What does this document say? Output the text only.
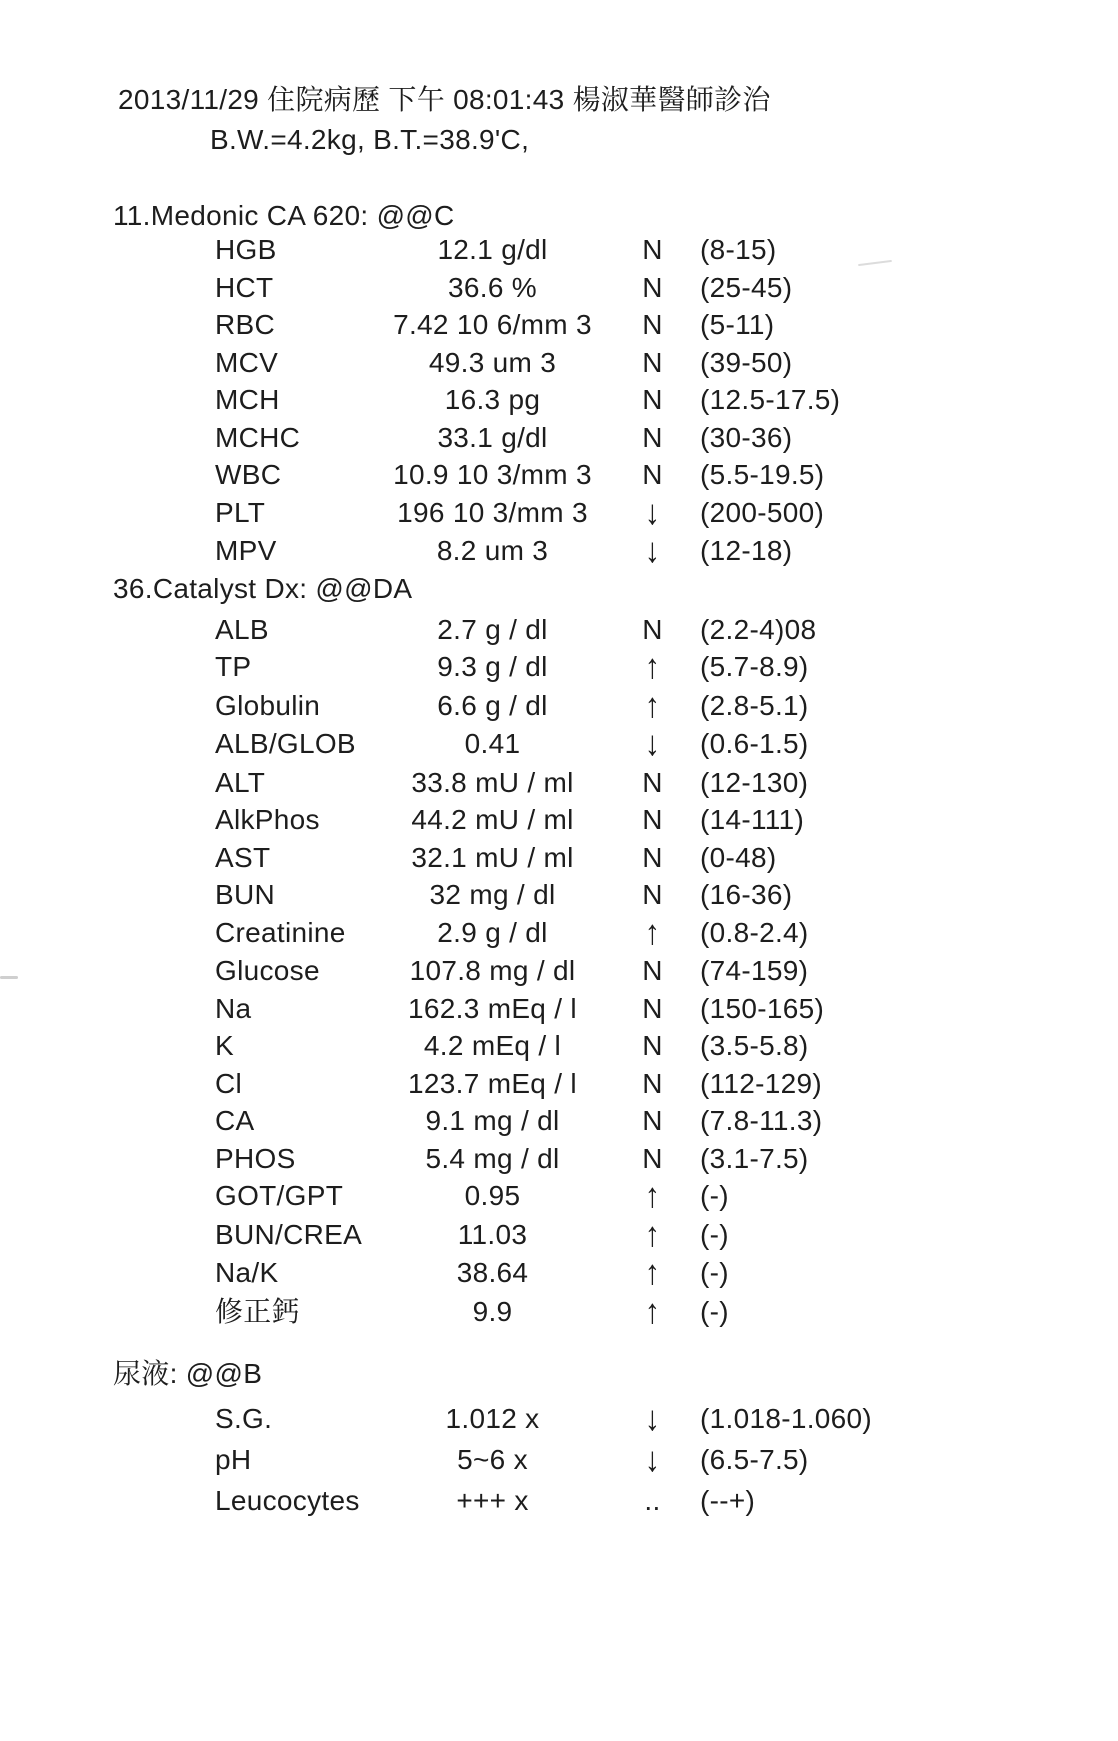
2013/11/29 住院病歷 下午 08:01:43 楊淑華醫師診治
B.W.=4.2kg, B.T.=38.9'C,
11.Medonic CA 620: @@C
HGB	12.1 g/dl	N	(8-15)
HCT	36.6 %	N	(25-45)
RBC	7.42 10 6/mm 3	N	(5-11)
MCV	49.3 um 3	N	(39-50)
MCH	16.3 pg	N	(12.5-17.5)
MCHC	33.1 g/dl	N	(30-36)
WBC	10.9 10 3/mm 3	N	(5.5-19.5)
PLT	196 10 3/mm 3	↓	(200-500)
MPV	8.2 um 3	↓	(12-18)
36.Catalyst Dx: @@DA
ALB	2.7 g / dl	N	(2.2-4)08
TP	9.3 g / dl	↑	(5.7-8.9)
Globulin	6.6 g / dl	↑	(2.8-5.1)
ALB/GLOB	0.41	↓	(0.6-1.5)
ALT	33.8 mU / ml	N	(12-130)
AlkPhos	44.2 mU / ml	N	(14-111)
AST	32.1 mU / ml	N	(0-48)
BUN	32 mg / dl	N	(16-36)
Creatinine	2.9 g / dl	↑	(0.8-2.4)
Glucose	107.8 mg / dl	N	(74-159)
Na	162.3 mEq / l	N	(150-165)
K	4.2 mEq / l	N	(3.5-5.8)
Cl	123.7 mEq / l	N	(112-129)
CA	9.1 mg / dl	N	(7.8-11.3)
PHOS	5.4 mg / dl	N	(3.1-7.5)
GOT/GPT	0.95	↑	(-)
BUN/CREA	11.03	↑	(-)
Na/K	38.64	↑	(-)
修正鈣	9.9	↑	(-)
尿液: @@B
S.G.	1.012 x	↓	(1.018-1.060)
pH	5~6 x	↓	(6.5-7.5)
Leucocytes	+++ x	..	(--+)
